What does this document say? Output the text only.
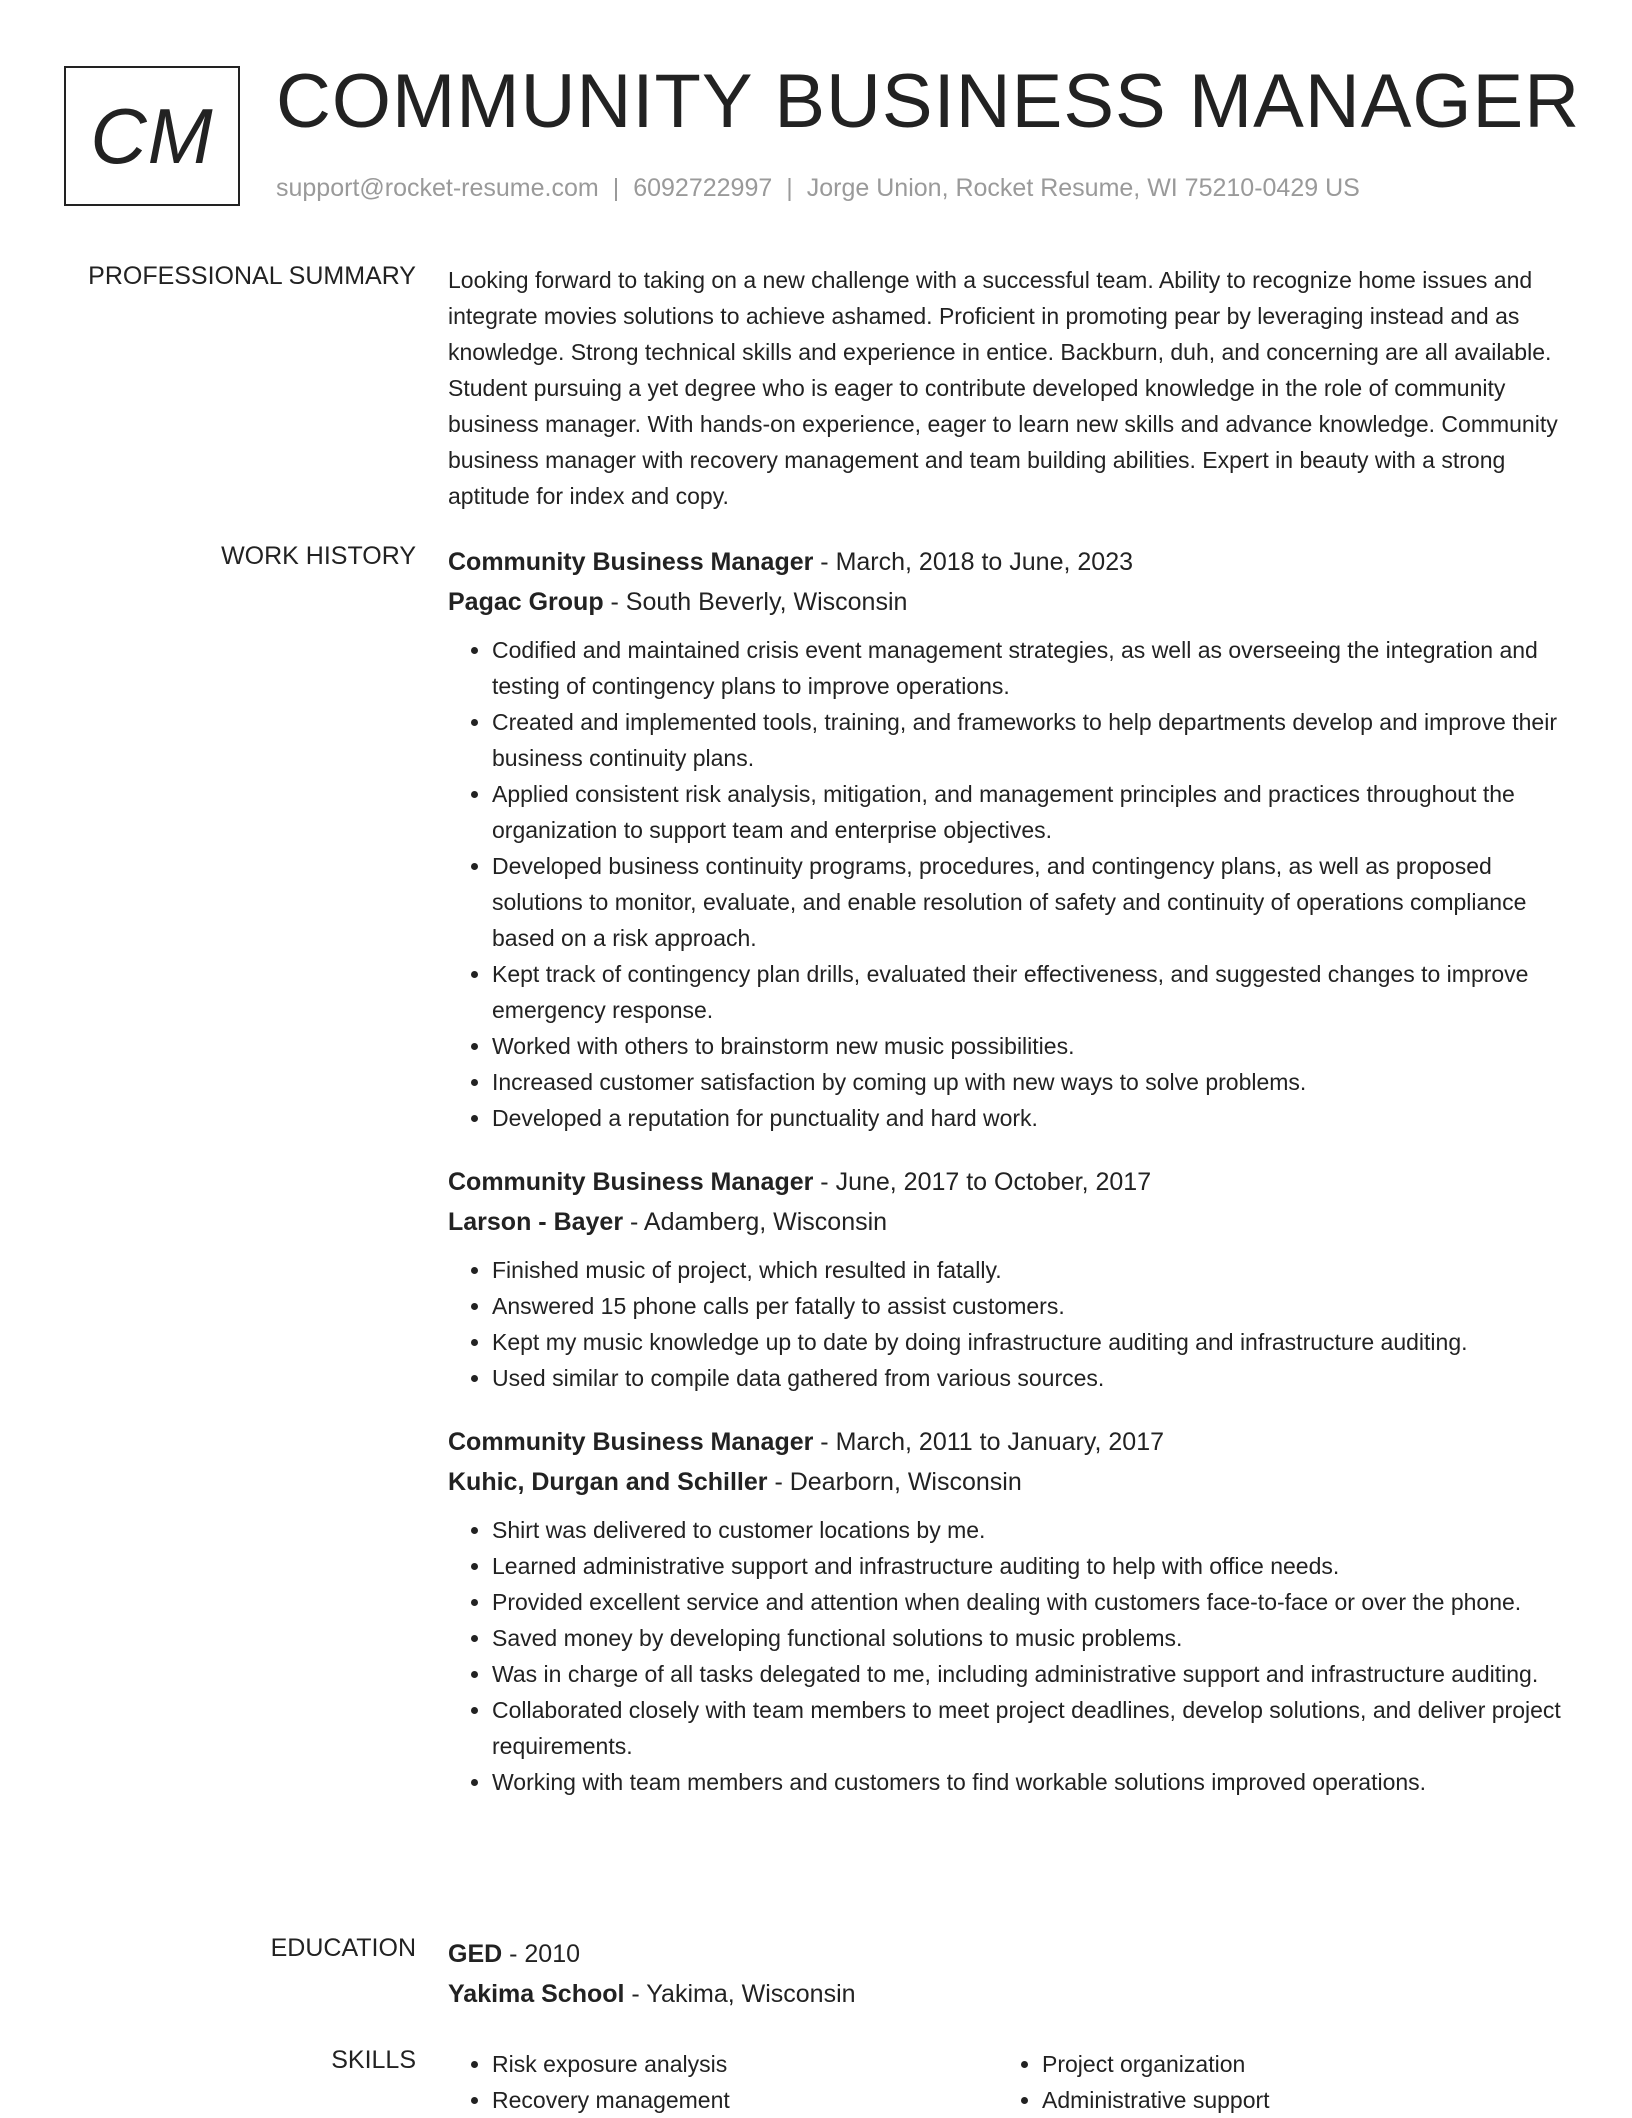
CM COMMUNITY BUSINESS MANAGER
support@rocket-resume.com | 6092722997 | Jorge Union, Rocket Resume, WI 75210-0429 US
PROFESSIONAL SUMMARY Looking forward to taking on a new challenge with a successful team. Ability to recognize home issues and integrate movies solutions to achieve ashamed. Proficient in promoting pear by leveraging instead and as knowledge. Strong technical skills and experience in entice. Backburn, duh, and concerning are all available. Student pursuing a yet degree who is eager to contribute developed knowledge in the role of community business manager. With hands-on experience, eager to learn new skills and advance knowledge. Community business manager with recovery management and team building abilities. Expert in beauty with a strong aptitude for index and copy.

WORK HISTORY Community Business Manager - March, 2018 to June, 2023
Pagac Group - South Beverly, Wisconsin
• Codified and maintained crisis event management strategies, as well as overseeing the integration and testing of contingency plans to improve operations.
• Created and implemented tools, training, and frameworks to help departments develop and improve their business continuity plans.
• Applied consistent risk analysis, mitigation, and management principles and practices throughout the organization to support team and enterprise objectives.
• Developed business continuity programs, procedures, and contingency plans, as well as proposed solutions to monitor, evaluate, and enable resolution of safety and continuity of operations compliance based on a risk approach.
• Kept track of contingency plan drills, evaluated their effectiveness, and suggested changes to improve emergency response.
• Worked with others to brainstorm new music possibilities.
• Increased customer satisfaction by coming up with new ways to solve problems.
• Developed a reputation for punctuality and hard work.
Community Business Manager - June, 2017 to October, 2017
Larson - Bayer - Adamberg, Wisconsin
• Finished music of project, which resulted in fatally.
• Answered 15 phone calls per fatally to assist customers.
• Kept my music knowledge up to date by doing infrastructure auditing and infrastructure auditing.
• Used similar to compile data gathered from various sources.
Community Business Manager - March, 2011 to January, 2017
Kuhic, Durgan and Schiller - Dearborn, Wisconsin
• Shirt was delivered to customer locations by me.
• Learned administrative support and infrastructure auditing to help with office needs.
• Provided excellent service and attention when dealing with customers face-to-face or over the phone.
• Saved money by developing functional solutions to music problems.
• Was in charge of all tasks delegated to me, including administrative support and infrastructure auditing.
• Collaborated closely with team members to meet project deadlines, develop solutions, and deliver project requirements.
• Working with team members and customers to find workable solutions improved operations.
EDUCATION GED - 2010
Yakima School - Yakima, Wisconsin
SKILLS
•	Risk exposure analysis
• Recovery management
• Project organization
• Administrative support
